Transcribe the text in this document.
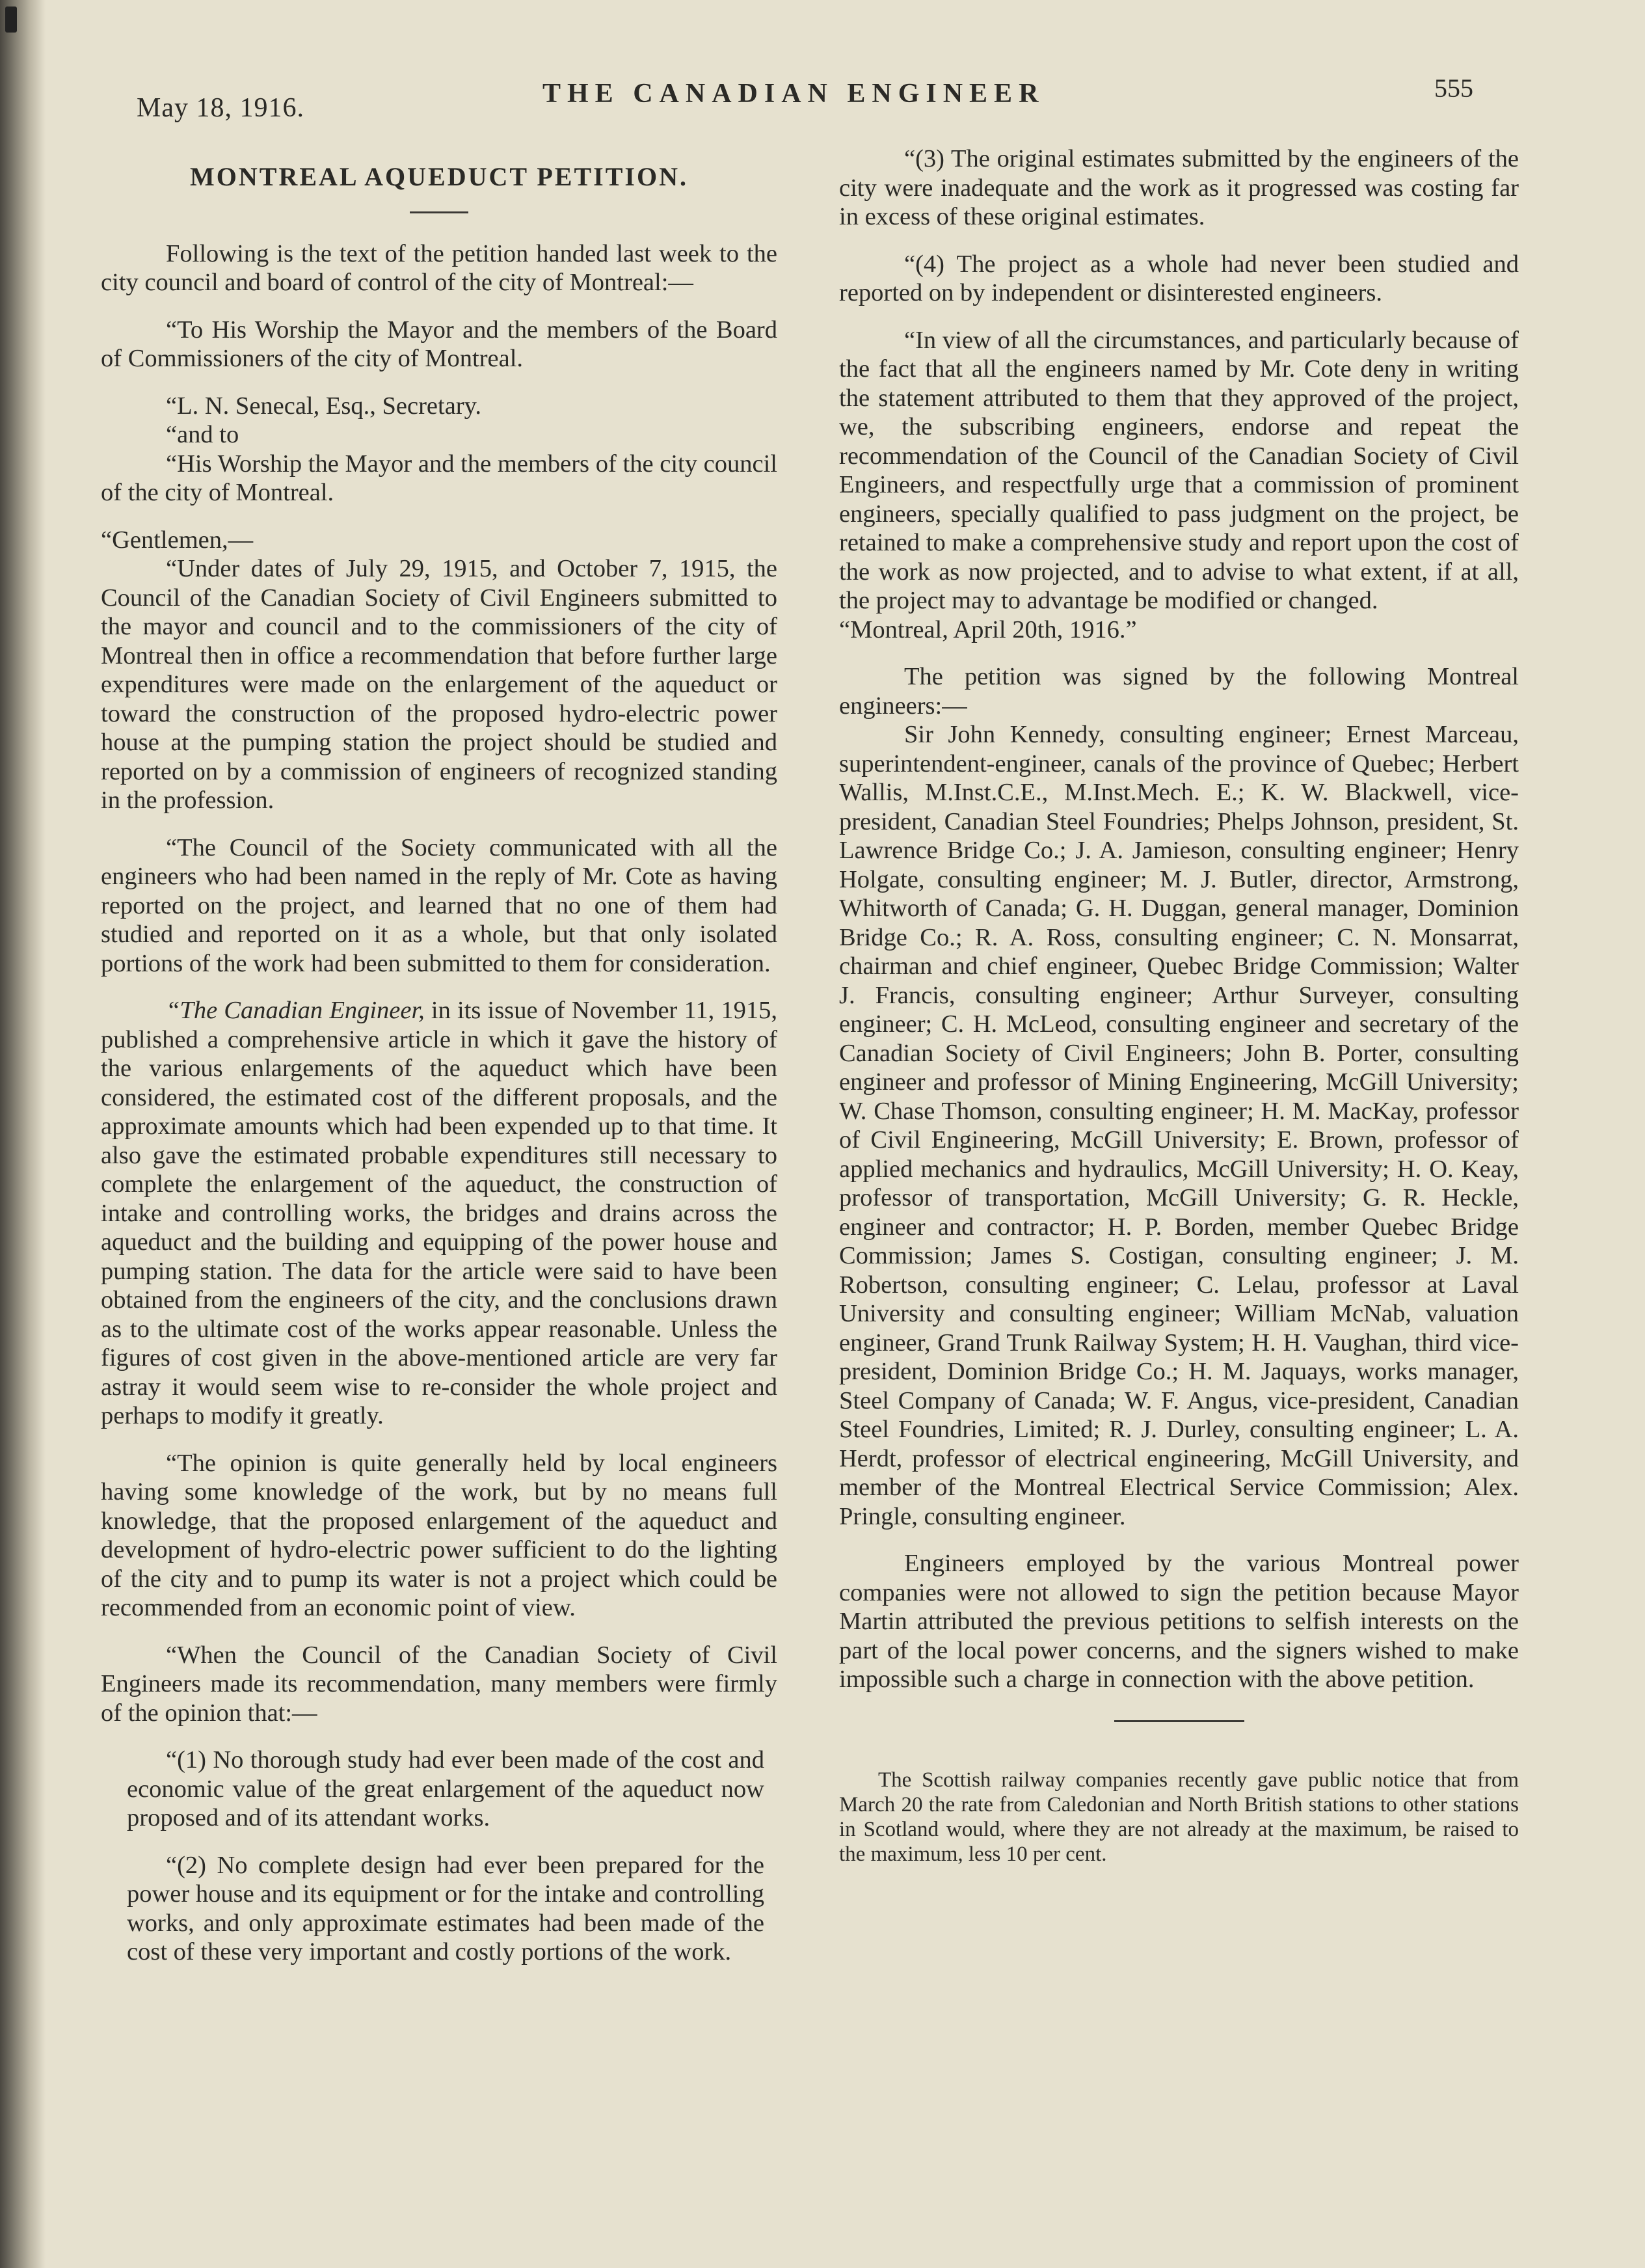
May 18, 1916.	THE CANADIAN ENGINEER	555
MONTREAL AQUEDUCT PETITION.

Following is the text of the petition handed last week to the city council and board of control of the city of Montreal:—

“To His Worship the Mayor and the members of the Board of Commissioners of the city of Montreal.

“L. N. Senecal, Esq., Secretary.

“and to

“His Worship the Mayor and the members of the city council of the city of Montreal.

“Gentlemen,—

“Under dates of July 29, 1915, and October 7, 1915, the Council of the Canadian Society of Civil Engineers submitted to the mayor and council and to the commissioners of the city of Montreal then in office a recommendation that before further large expenditures were made on the enlargement of the aqueduct or toward the construction of the proposed hydro-electric power house at the pumping station the project should be studied and reported on by a commission of engineers of recognized standing in the profession.

“The Council of the Society communicated with all the engineers who had been named in the reply of Mr. Cote as having reported on the project, and learned that no one of them had studied and reported on it as a whole, but that only isolated portions of the work had been submitted to them for consideration.

“The Canadian Engineer, in its issue of November 11, 1915, published a comprehensive article in which it gave the history of the various enlargements of the aqueduct which have been considered, the estimated cost of the different proposals, and the approximate amounts which had been expended up to that time. It also gave the estimated probable expenditures still necessary to complete the enlargement of the aqueduct, the construction of intake and controlling works, the bridges and drains across the aqueduct and the building and equipping of the power house and pumping station. The data for the article were said to have been obtained from the engineers of the city, and the conclusions drawn as to the ultimate cost of the works appear reasonable. Unless the figures of cost given in the above-mentioned article are very far astray it would seem wise to re-consider the whole project and perhaps to modify it greatly.

“The opinion is quite generally held by local engineers having some knowledge of the work, but by no means full knowledge, that the proposed enlargement of the aqueduct and development of hydro-electric power sufficient to do the lighting of the city and to pump its water is not a project which could be recommended from an economic point of view.

“When the Council of the Canadian Society of Civil Engineers made its recommendation, many members were firmly of the opinion that:—

“(1) No thorough study had ever been made of the cost and economic value of the great enlargement of the aqueduct now proposed and of its attendant works.

“(2) No complete design had ever been prepared for the power house and its equipment or for the intake and controlling works, and only approximate estimates had been made of the cost of these very important and costly portions of the work.

“(3) The original estimates submitted by the engineers of the city were inadequate and the work as it progressed was costing far in excess of these original estimates.

“(4) The project as a whole had never been studied and reported on by independent or disinterested engineers.

“In view of all the circumstances, and particularly because of the fact that all the engineers named by Mr. Cote deny in writing the statement attributed to them that they approved of the project, we, the subscribing engineers, endorse and repeat the recommendation of the Council of the Canadian Society of Civil Engineers, and respectfully urge that a commission of prominent engineers, specially qualified to pass judgment on the project, be retained to make a comprehensive study and report upon the cost of the work as now projected, and to advise to what extent, if at all, the project may to advantage be modified or changed.

“Montreal, April 20th, 1916.”

The petition was signed by the following Montreal engineers:—

Sir John Kennedy, consulting engineer; Ernest Marceau, superintendent-engineer, canals of the province of Quebec; Herbert Wallis, M.Inst.C.E., M.Inst.Mech. E.; K. W. Blackwell, vice-president, Canadian Steel Foundries; Phelps Johnson, president, St. Lawrence Bridge Co.; J. A. Jamieson, consulting engineer; Henry Holgate, consulting engineer; M. J. Butler, director, Armstrong, Whitworth of Canada; G. H. Duggan, general manager, Dominion Bridge Co.; R. A. Ross, consulting engineer; C. N. Monsarrat, chairman and chief engineer, Quebec Bridge Commission; Walter J. Francis, consulting engineer; Arthur Surveyer, consulting engineer; C. H. McLeod, consulting engineer and secretary of the Canadian Society of Civil Engineers; John B. Porter, consulting engineer and professor of Mining Engineering, McGill University; W. Chase Thomson, consulting engineer; H. M. MacKay, professor of Civil Engineering, McGill University; E. Brown, professor of applied mechanics and hydraulics, McGill University; H. O. Keay, professor of transportation, McGill University; G. R. Heckle, engineer and contractor; H. P. Borden, member Quebec Bridge Commission; James S. Costigan, consulting engineer; J. M. Robertson, consulting engineer; C. Lelau, professor at Laval University and consulting engineer; William McNab, valuation engineer, Grand Trunk Railway System; H. H. Vaughan, third vice-president, Dominion Bridge Co.; H. M. Jaquays, works manager, Steel Company of Canada; W. F. Angus, vice-president, Canadian Steel Foundries, Limited; R. J. Durley, consulting engineer; L. A. Herdt, professor of electrical engineering, McGill University, and member of the Montreal Electrical Service Commission; Alex. Pringle, consulting engineer.

Engineers employed by the various Montreal power companies were not allowed to sign the petition because Mayor Martin attributed the previous petitions to selfish interests on the part of the local power concerns, and the signers wished to make impossible such a charge in connection with the above petition.

The Scottish railway companies recently gave public notice that from March 20 the rate from Caledonian and North British stations to other stations in Scotland would, where they are not already at the maximum, be raised to the maximum, less 10 per cent.
